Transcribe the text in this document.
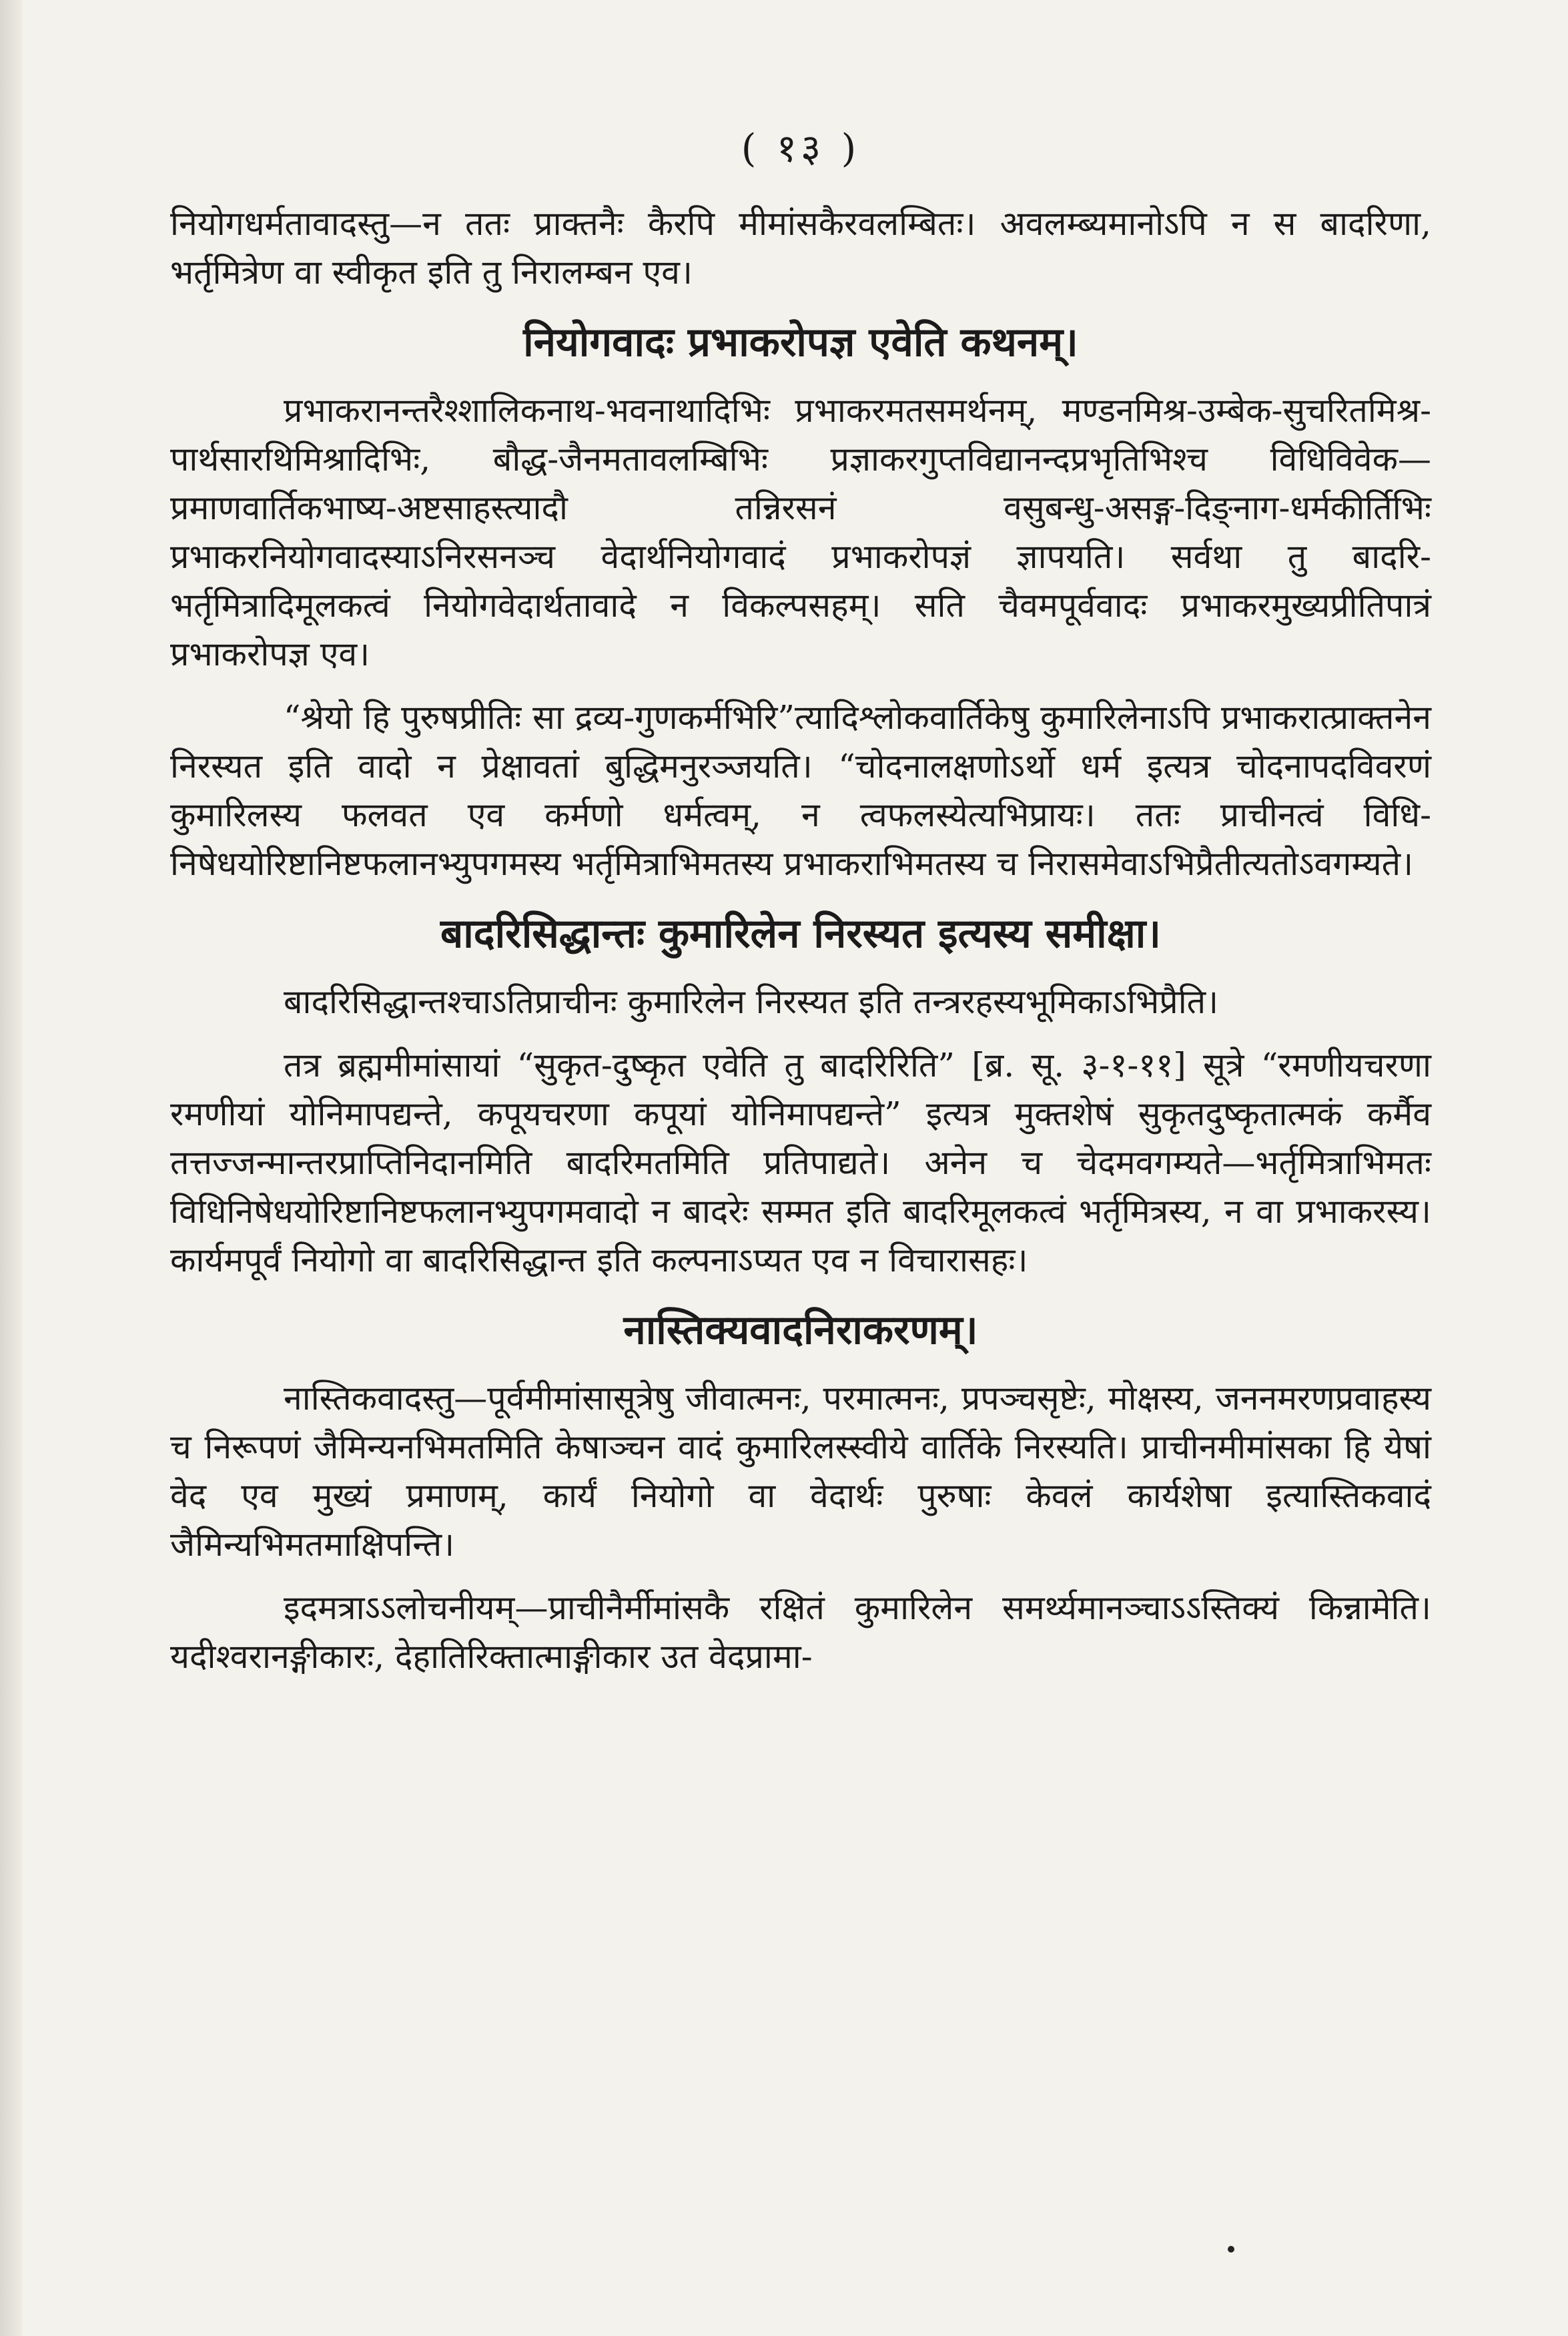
( १३ )

नियोगधर्मतावादस्तु—न ततः प्राक्तनैः कैरपि मीमांसकैरवलम्बितः। अवलम्ब्यमानोऽपि न स बादरिणा, भर्तृमित्रेण वा स्वीकृत इति तु निरालम्बन एव।

नियोगवादः प्रभाकरोपज्ञ एवेति कथनम्।

प्रभाकरानन्तरैश्शालिकनाथ-भवनाथादिभिः प्रभाकरमतसमर्थनम्, मण्डनमिश्र-उम्बेक-सुचरितमिश्र-पार्थसारथिमिश्रादिभिः, बौद्ध-जैनमतावलम्बिभिः प्रज्ञाकरगुप्तविद्यानन्दप्रभृतिभिश्च विधिविवेक—प्रमाणवार्तिकभाष्य-अष्टसाहस्त्यादौ तन्निरसनं वसुबन्धु-असङ्ग-दिङ्नाग-धर्मकीर्तिभिः प्रभाकरनियोगवादस्याऽनिरसनञ्च वेदार्थनियोगवादं प्रभाकरोपज्ञं ज्ञापयति। सर्वथा तु बादरि-भर्तृमित्रादिमूलकत्वं नियोगवेदार्थतावादे न विकल्पसहम्। सति चैवमपूर्ववादः प्रभाकरमुख्यप्रीतिपात्रं प्रभाकरोपज्ञ एव।

“श्रेयो हि पुरुषप्रीतिः सा द्रव्य-गुणकर्मभिरि”त्यादिश्लोकवार्तिकेषु कुमारिलेनाऽपि प्रभाकरात्प्राक्तनेन निरस्यत इति वादो न प्रेक्षावतां बुद्धिमनुरञ्जयति। “चोदनालक्षणोऽर्थो धर्म इत्यत्र चोदनापदविवरणं कुमारिलस्य फलवत एव कर्मणो धर्मत्वम्, न त्वफलस्येत्यभिप्रायः। ततः प्राचीनत्वं विधि-निषेधयोरिष्टानिष्टफलानभ्युपगमस्य भर्तृमित्राभिमतस्य प्रभाकराभिमतस्य च निरासमेवाऽभिप्रैतीत्यतोऽवगम्यते।

बादरिसिद्धान्तः कुमारिलेन निरस्यत इत्यस्य समीक्षा।

बादरिसिद्धान्तश्चाऽतिप्राचीनः कुमारिलेन निरस्यत इति तन्त्ररहस्यभूमिकाऽभिप्रैति।

तत्र ब्रह्ममीमांसायां “सुकृत-दुष्कृत एवेति तु बादरिरिति” [ब्र. सू. ३-१-११] सूत्रे “रमणीयचरणा रमणीयां योनिमापद्यन्ते, कपूयचरणा कपूयां योनिमापद्यन्ते” इत्यत्र मुक्तशेषं सुकृतदुष्कृतात्मकं कर्मैव तत्तज्जन्मान्तरप्राप्तिनिदानमिति बादरिमतमिति प्रतिपाद्यते। अनेन च चेदमवगम्यते—भर्तृमित्राभिमतः विधिनिषेधयोरिष्टानिष्टफलानभ्युपगमवादो न बादरेः सम्मत इति बादरिमूलकत्वं भर्तृमित्रस्य, न वा प्रभाकरस्य। कार्यमपूर्वं नियोगो वा बादरिसिद्धान्त इति कल्पनाऽप्यत एव न विचारासहः।

नास्तिक्यवादनिराकरणम्।

नास्तिकवादस्तु—पूर्वमीमांसासूत्रेषु जीवात्मनः, परमात्मनः, प्रपञ्चसृष्टेः, मोक्षस्य, जननमरणप्रवाहस्य च निरूपणं जैमिन्यनभिमतमिति केषाञ्चन वादं कुमारिलस्स्वीये वार्तिके निरस्यति। प्राचीनमीमांसका हि येषां वेद एव मुख्यं प्रमाणम्, कार्यं नियोगो वा वेदार्थः पुरुषाः केवलं कार्यशेषा इत्यास्तिकवादं जैमिन्यभिमतमाक्षिपन्ति।

इदमत्राऽऽलोचनीयम्—प्राचीनैर्मीमांसकै रक्षितं कुमारिलेन समर्थ्यमानञ्चाऽऽस्तिक्यं किन्नामेति। यदीश्वरानङ्गीकारः, देहातिरिक्तात्माङ्गीकार उत वेदप्रामा-
